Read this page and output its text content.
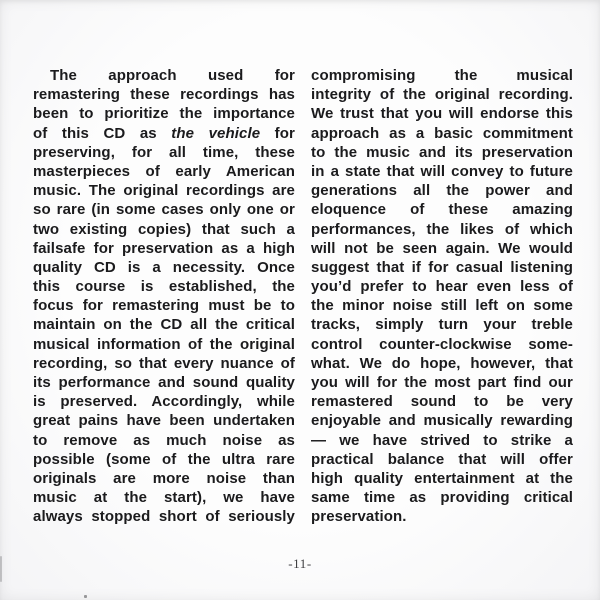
The approach used for
remastering these recordings has
been to prioritize the importance
of this CD as the vehicle for
preserving, for all time, these
masterpieces of early American
music. The original recordings are
so rare (in some cases only one or
two existing copies) that such a
failsafe for preservation as a high
quality CD is a necessity. Once
this course is established, the
focus for remastering must be to
maintain on the CD all the critical
musical information of the original
recording, so that every nuance of
its performance and sound quality
is preserved. Accordingly, while
great pains have been undertaken
to remove as much noise as
possible (some of the ultra rare
originals are more noise than
music at the start), we have
always stopped short of seriously
compromising the musical
integrity of the original recording.
We trust that you will endorse this
approach as a basic commitment
to the music and its preservation
in a state that will convey to future
generations all the power and
eloquence of these amazing
performances, the likes of which
will not be seen again. We would
suggest that if for casual listening
you’d prefer to hear even less of
the minor noise still left on some
tracks, simply turn your treble
control counter-clockwise some-
what. We do hope, however, that
you will for the most part find our
remastered sound to be very
enjoyable and musically rewarding
— we have strived to strike a
practical balance that will offer
high quality entertainment at the
same time as providing critical
preservation.
-11-
